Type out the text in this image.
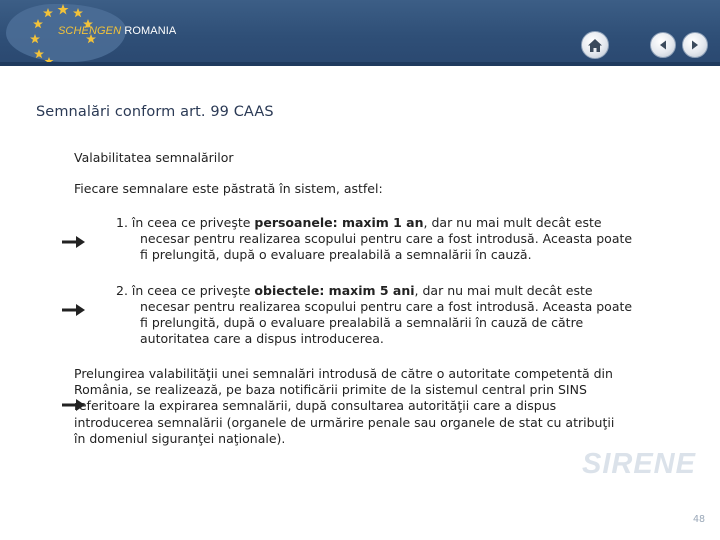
SCHENGEN ROMANIA
Semnalări conform art. 99 CAAS
Valabilitatea semnalărilor
Fiecare semnalare este păstrată în sistem, astfel:
1. în ceea ce priveşte persoanele: maxim 1 an, dar nu mai mult decât este
necesar pentru realizarea scopului pentru care a fost introdusă. Aceasta poate
fi prelungită, după o evaluare prealabilă a semnalării în cauză.
2. în ceea ce priveşte obiectele: maxim 5 ani, dar nu mai mult decât este
necesar pentru realizarea scopului pentru care a fost introdusă. Aceasta poate
fi prelungită, după o evaluare prealabilă a semnalării în cauză de către
autoritatea care a dispus introducerea.
Prelungirea valabilităţii unei semnalări introdusă de către o autoritate competentă din
România, se realizează, pe baza notificării primite de la sistemul central prin SINS
referitoare la expirarea semnalării, după consultarea autorităţii care a dispus
introducerea semnalării (organele de urmărire penale sau organele de stat cu atribuţii
în domeniul siguranţei naţionale).
SIRENE
48
